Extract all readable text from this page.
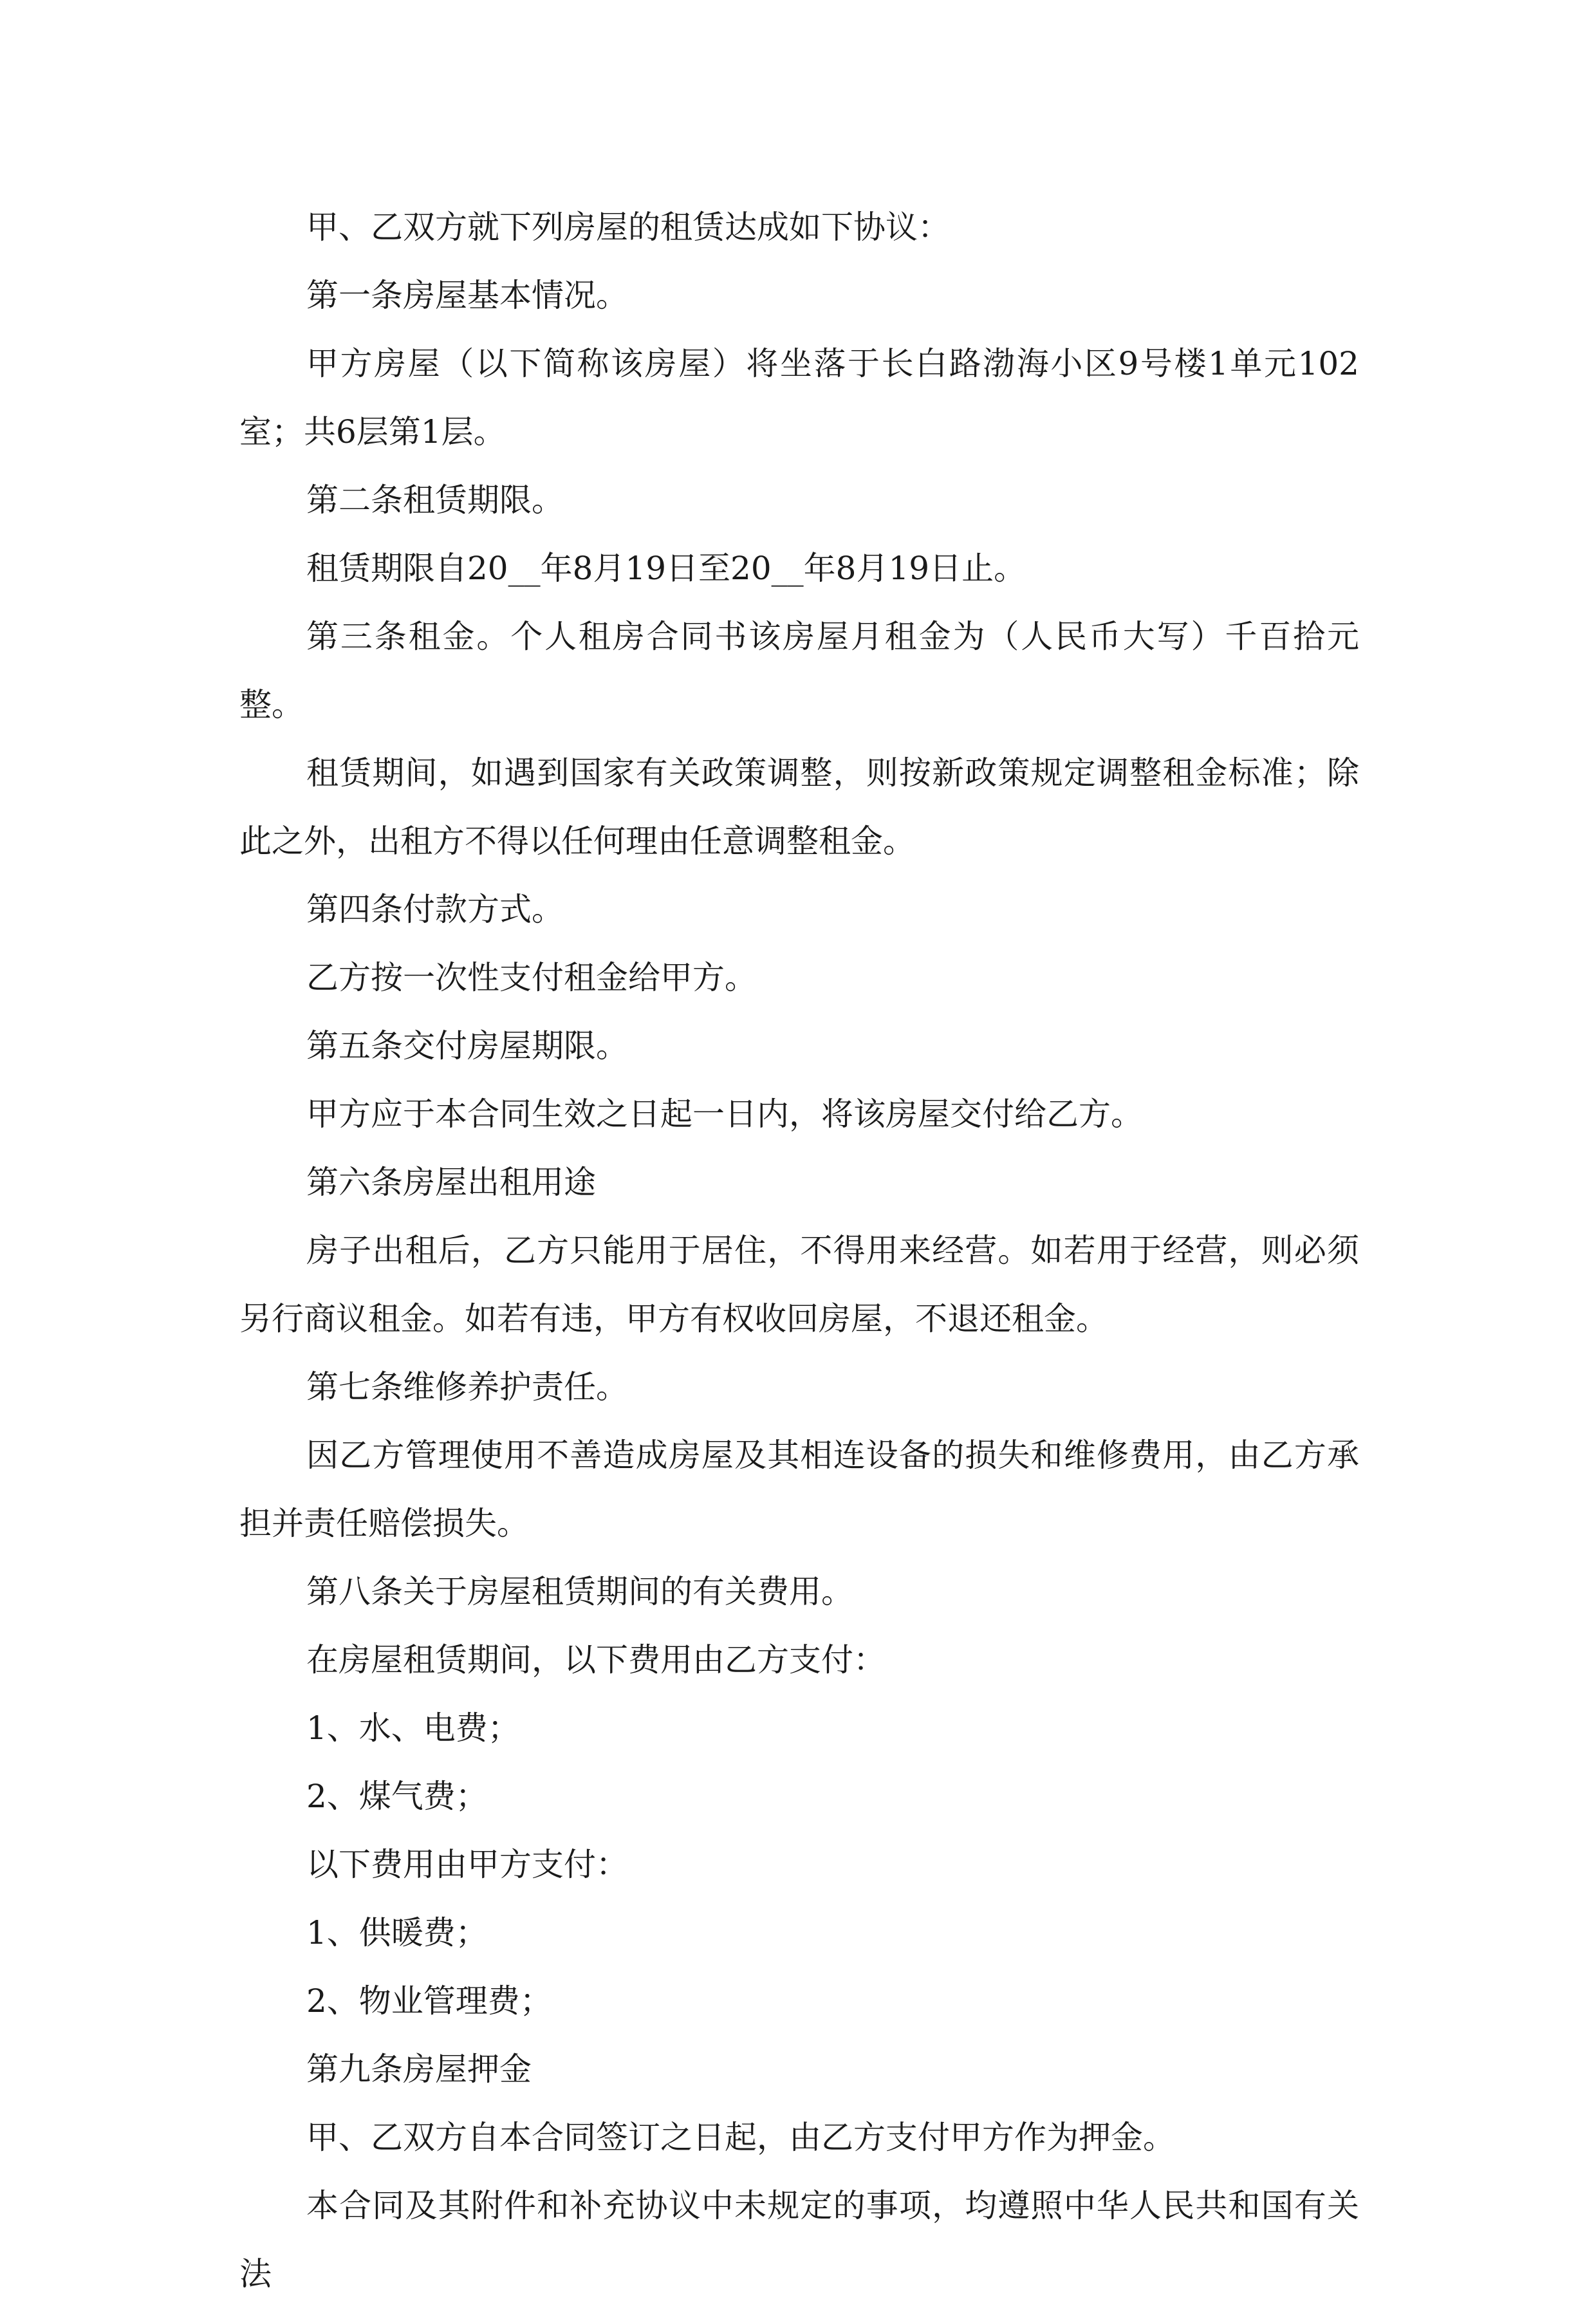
甲、乙双方就下列房屋的租赁达成如下协议：

第一条房屋基本情况。

甲方房屋（以下简称该房屋）将坐落于长白路渤海小区9号楼1单元102室；共6层第1层。

第二条租赁期限。

租赁期限自20__年8月19日至20__年8月19日止。

第三条租金。个人租房合同书该房屋月租金为（人民币大写）千百拾元整。

租赁期间，如遇到国家有关政策调整，则按新政策规定调整租金标准；除此之外，出租方不得以任何理由任意调整租金。

第四条付款方式。

乙方按一次性支付租金给甲方。

第五条交付房屋期限。

甲方应于本合同生效之日起一日内，将该房屋交付给乙方。

第六条房屋出租用途

房子出租后，乙方只能用于居住，不得用来经营。如若用于经营，则必须另行商议租金。如若有违，甲方有权收回房屋，不退还租金。

第七条维修养护责任。

因乙方管理使用不善造成房屋及其相连设备的损失和维修费用，由乙方承担并责任赔偿损失。

第八条关于房屋租赁期间的有关费用。

在房屋租赁期间，以下费用由乙方支付：

1、水、电费；

2、煤气费；

以下费用由甲方支付：

1、供暖费；

2、物业管理费；

第九条房屋押金

甲、乙双方自本合同签订之日起，由乙方支付甲方作为押金。

本合同及其附件和补充协议中未规定的事项，均遵照中华人民共和国有关法
